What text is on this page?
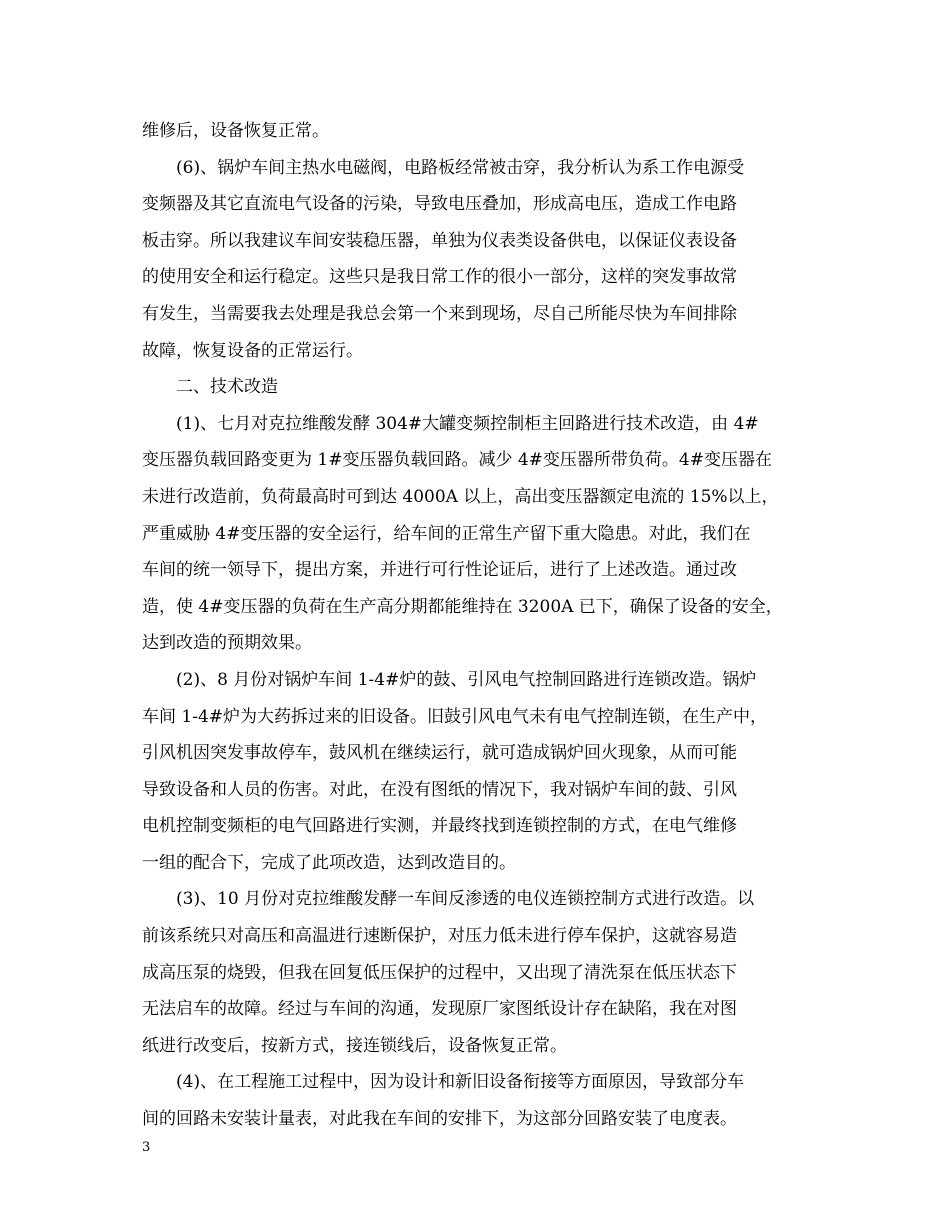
维修后，设备恢复正常。
(6)、锅炉车间主热水电磁阀，电路板经常被击穿，我分析认为系工作电源受
变频器及其它直流电气设备的污染，导致电压叠加，形成高电压，造成工作电路
板击穿。所以我建议车间安装稳压器，单独为仪表类设备供电，以保证仪表设备
的使用安全和运行稳定。这些只是我日常工作的很小一部分，这样的突发事故常
有发生，当需要我去处理是我总会第一个来到现场，尽自己所能尽快为车间排除
故障，恢复设备的正常运行。
二、技术改造
(1)、七月对克拉维酸发酵 304#大罐变频控制柜主回路进行技术改造，由 4#
变压器负载回路变更为 1#变压器负载回路。减少 4#变压器所带负荷。4#变压器在
未进行改造前，负荷最高时可到达 4000A 以上，高出变压器额定电流的 15%以上，
严重威胁 4#变压器的安全运行，给车间的正常生产留下重大隐患。对此，我们在
车间的统一领导下，提出方案，并进行可行性论证后，进行了上述改造。通过改
造，使 4#变压器的负荷在生产高分期都能维持在 3200A 已下，确保了设备的安全，
达到改造的预期效果。
(2)、8 月份对锅炉车间 1-4#炉的鼓、引风电气控制回路进行连锁改造。锅炉
车间 1-4#炉为大药拆过来的旧设备。旧鼓引风电气未有电气控制连锁，在生产中，
引风机因突发事故停车，鼓风机在继续运行，就可造成锅炉回火现象，从而可能
导致设备和人员的伤害。对此，在没有图纸的情况下，我对锅炉车间的鼓、引风
电机控制变频柜的电气回路进行实测，并最终找到连锁控制的方式，在电气维修
一组的配合下，完成了此项改造，达到改造目的。
(3)、10 月份对克拉维酸发酵一车间反渗透的电仪连锁控制方式进行改造。以
前该系统只对高压和高温进行速断保护，对压力低未进行停车保护，这就容易造
成高压泵的烧毁，但我在回复低压保护的过程中，又出现了清洗泵在低压状态下
无法启车的故障。经过与车间的沟通，发现原厂家图纸设计存在缺陷，我在对图
纸进行改变后，按新方式，接连锁线后，设备恢复正常。
(4)、在工程施工过程中，因为设计和新旧设备衔接等方面原因，导致部分车
间的回路未安装计量表，对此我在车间的安排下，为这部分回路安装了电度表。
3
